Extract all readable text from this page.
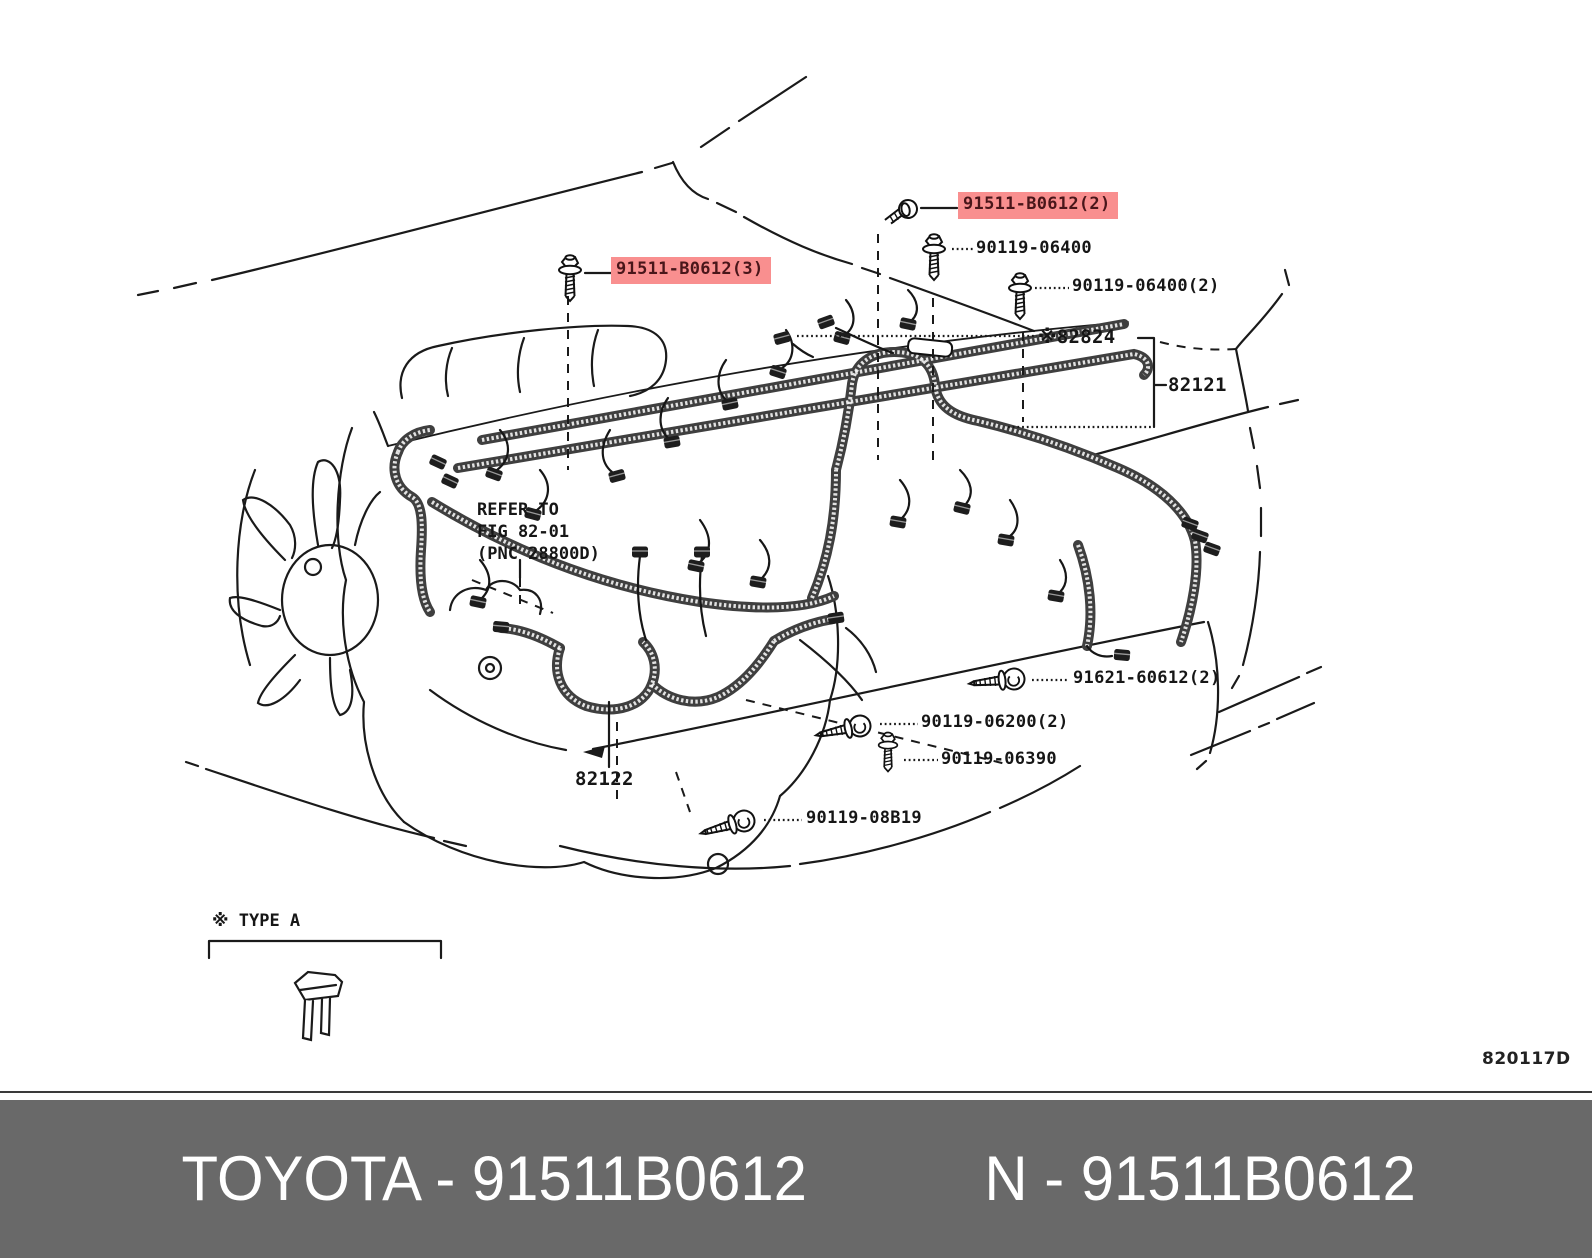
91511-B0612(2)
91511-B0612(3)
90119-06400
90119-06400(2)
※82824
82121
91621-60612(2)
90119-06200(2)
90119-06390
90119-08B19
82122
REFER TO
FIG 82-01
(PNC 28800D)
※ TYPE A
820117D
TOYOTA - 91511B0612	N - 91511B0612
